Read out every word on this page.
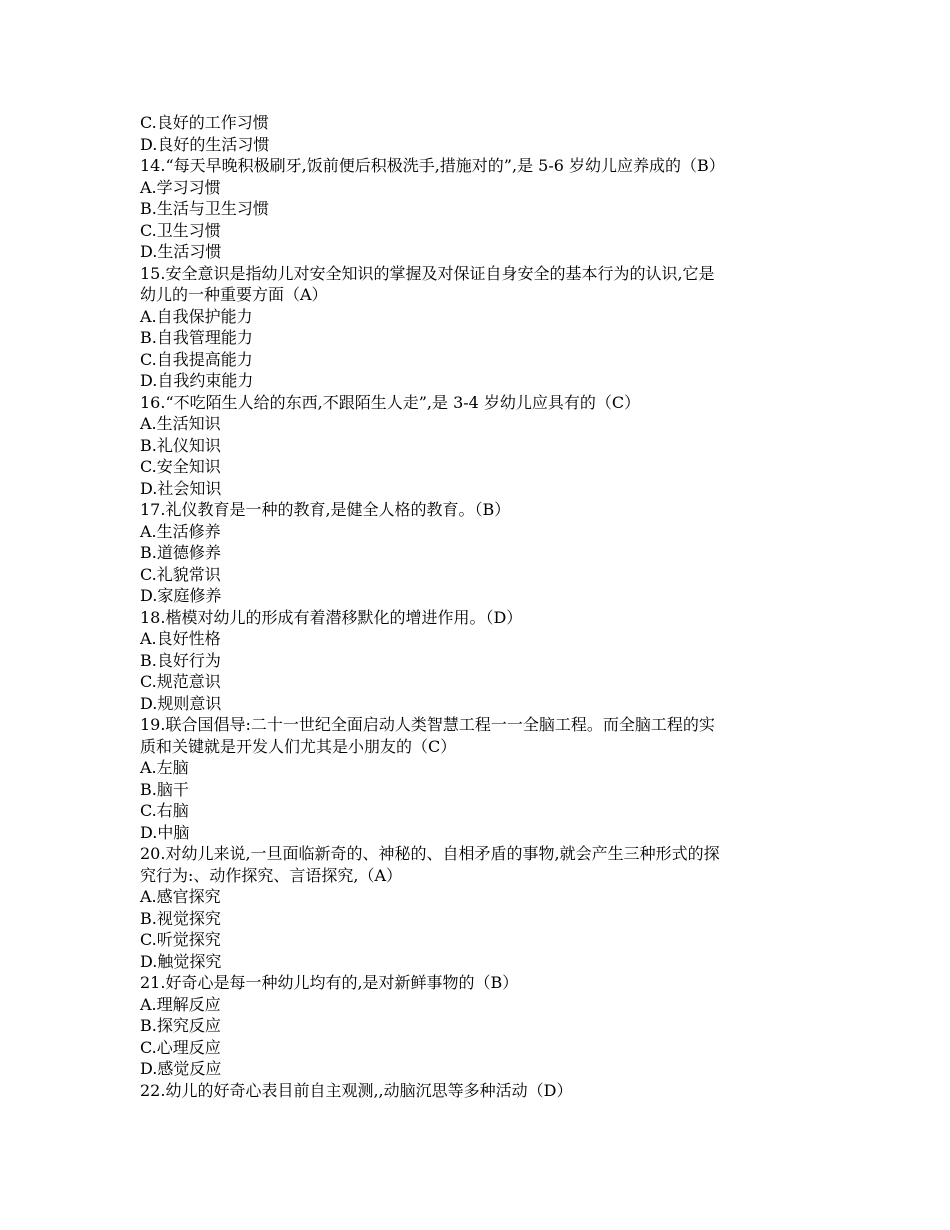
C.良好的工作习惯

D.良好的生活习惯

14.“每天早晚积极刷牙,饭前便后积极洗手,措施对的”,是 5-6 岁幼儿应养成的（B）

A.学习习惯

B.生活与卫生习惯

C.卫生习惯

D.生活习惯

15.安全意识是指幼儿对安全知识的掌握及对保证自身安全的基本行为的认识,它是

幼儿的一种重要方面（A）

A.自我保护能力

B.自我管理能力

C.自我提高能力

D.自我约束能力

16.“不吃陌生人给的东西,不跟陌生人走”,是 3-4 岁幼儿应具有的（C）

A.生活知识

B.礼仪知识

C.安全知识

D.社会知识

17.礼仪教育是一种的教育,是健全人格的教育。（B）

A.生活修养

B.道德修养

C.礼貌常识

D.家庭修养

18.楷模对幼儿的形成有着潜移默化的增进作用。（D）

A.良好性格

B.良好行为

C.规范意识

D.规则意识

19.联合国倡导:二十一世纪全面启动人类智慧工程一一全脑工程。而全脑工程的实

质和关键就是开发人们尤其是小朋友的（C）

A.左脑

B.脑干

C.右脑

D.中脑

20.对幼儿来说,一旦面临新奇的、神秘的、自相矛盾的事物,就会产生三种形式的探

究行为:、动作探究、言语探究,（A）

A.感官探究

B.视觉探究

C.听觉探究

D.触觉探究

21.好奇心是每一种幼儿均有的,是对新鲜事物的（B）

A.理解反应

B.探究反应

C.心理反应

D.感觉反应

22.幼儿的好奇心表目前自主观测,,动脑沉思等多种活动（D）
